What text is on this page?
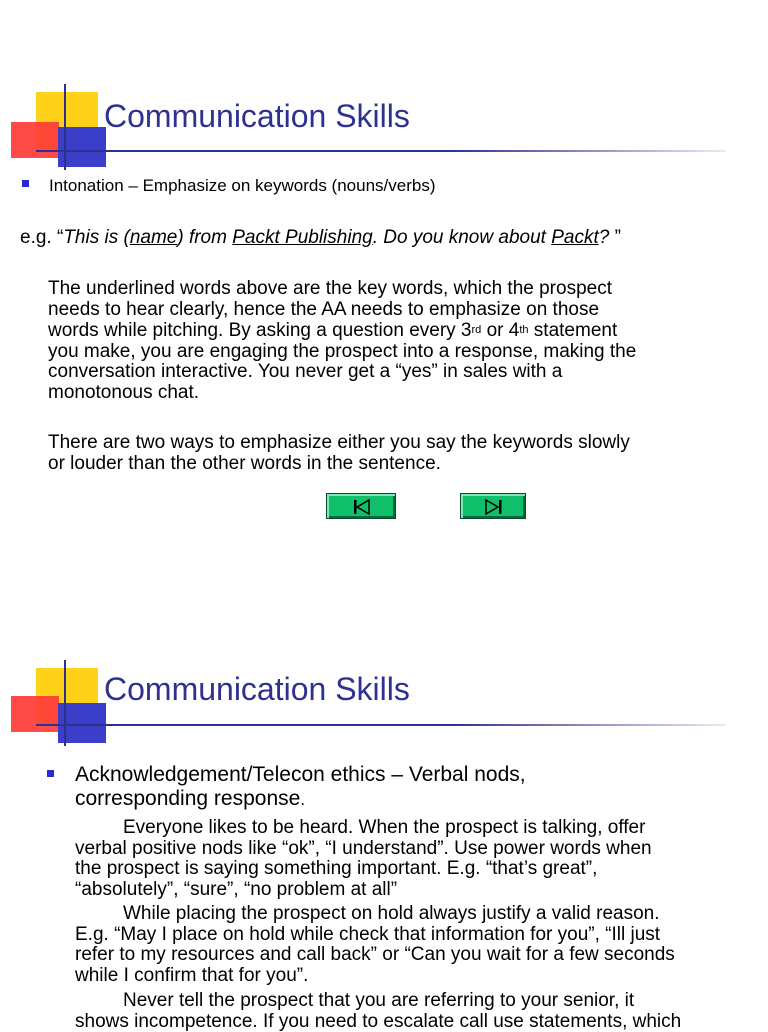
Communication Skills
Intonation – Emphasize on keywords (nouns/verbs)
e.g. “This is (name) from Packt Publishing. Do you know about Packt? ”
The underlined words above are the key words, which the prospect
needs to hear clearly, hence the AA needs to emphasize on those
words while pitching. By asking a question every 3rd or 4th statement
you make, you are engaging the prospect into a response, making the
conversation interactive. You never get a “yes” in sales with a
monotonous chat.
There are two ways to emphasize either you say the keywords slowly
or louder than the other words in the sentence.
Communication Skills
Acknowledgement/Telecon ethics – Verbal nods,
corresponding response.
Everyone likes to be heard. When the prospect is talking, offer
verbal positive nods like “ok”, “I understand”. Use power words when
the prospect is saying something important. E.g. “that’s great”,
“absolutely”, “sure”, “no problem at all”
While placing the prospect on hold always justify a valid reason.
E.g. “May I place on hold while check that information for you”, “Ill just
refer to my resources and call back” or “Can you wait for a few seconds
while I confirm that for you”.
Never tell the prospect that you are referring to your senior, it
shows incompetence. If you need to escalate call use statements, which
